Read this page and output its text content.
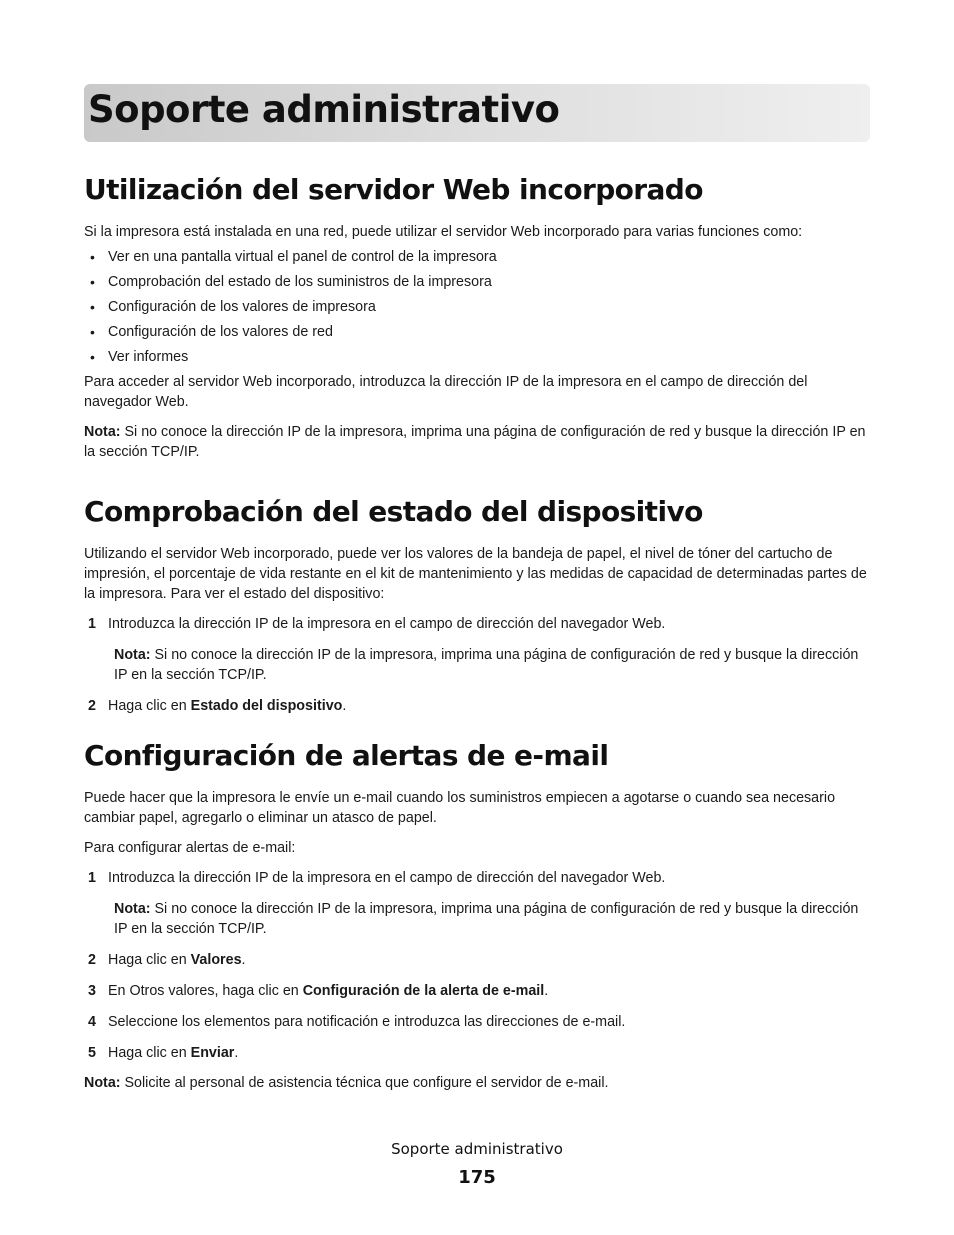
Soporte administrativo
Utilización del servidor Web incorporado

Si la impresora está instalada en una red, puede utilizar el servidor Web incorporado para varias funciones como:

• Ver en una pantalla virtual el panel de control de la impresora
• Comprobación del estado de los suministros de la impresora
• Configuración de los valores de impresora
• Configuración de los valores de red
• Ver informes

Para acceder al servidor Web incorporado, introduzca la dirección IP de la impresora en el campo de dirección del navegador Web.

Nota: Si no conoce la dirección IP de la impresora, imprima una página de configuración de red y busque la dirección IP en la sección TCP/IP.

Comprobación del estado del dispositivo

Utilizando el servidor Web incorporado, puede ver los valores de la bandeja de papel, el nivel de tóner del cartucho de impresión, el porcentaje de vida restante en el kit de mantenimiento y las medidas de capacidad de determinadas partes de la impresora. Para ver el estado del dispositivo:

1 Introduzca la dirección IP de la impresora en el campo de dirección del navegador Web.

Nota: Si no conoce la dirección IP de la impresora, imprima una página de configuración de red y busque la dirección IP en la sección TCP/IP.

2 Haga clic en Estado del dispositivo.
Configuración de alertas de e-mail

Puede hacer que la impresora le envíe un e-mail cuando los suministros empiecen a agotarse o cuando sea necesario cambiar papel, agregarlo o eliminar un atasco de papel.

Para configurar alertas de e-mail:

1 Introduzca la dirección IP de la impresora en el campo de dirección del navegador Web.

Nota: Si no conoce la dirección IP de la impresora, imprima una página de configuración de red y busque la dirección IP en la sección TCP/IP.

2 Haga clic en Valores.
3 En Otros valores, haga clic en Configuración de la alerta de e-mail.
4 Seleccione los elementos para notificación e introduzca las direcciones de e-mail.
5 Haga clic en Enviar.

Nota: Solicite al personal de asistencia técnica que configure el servidor de e-mail.

Soporte administrativo
175
